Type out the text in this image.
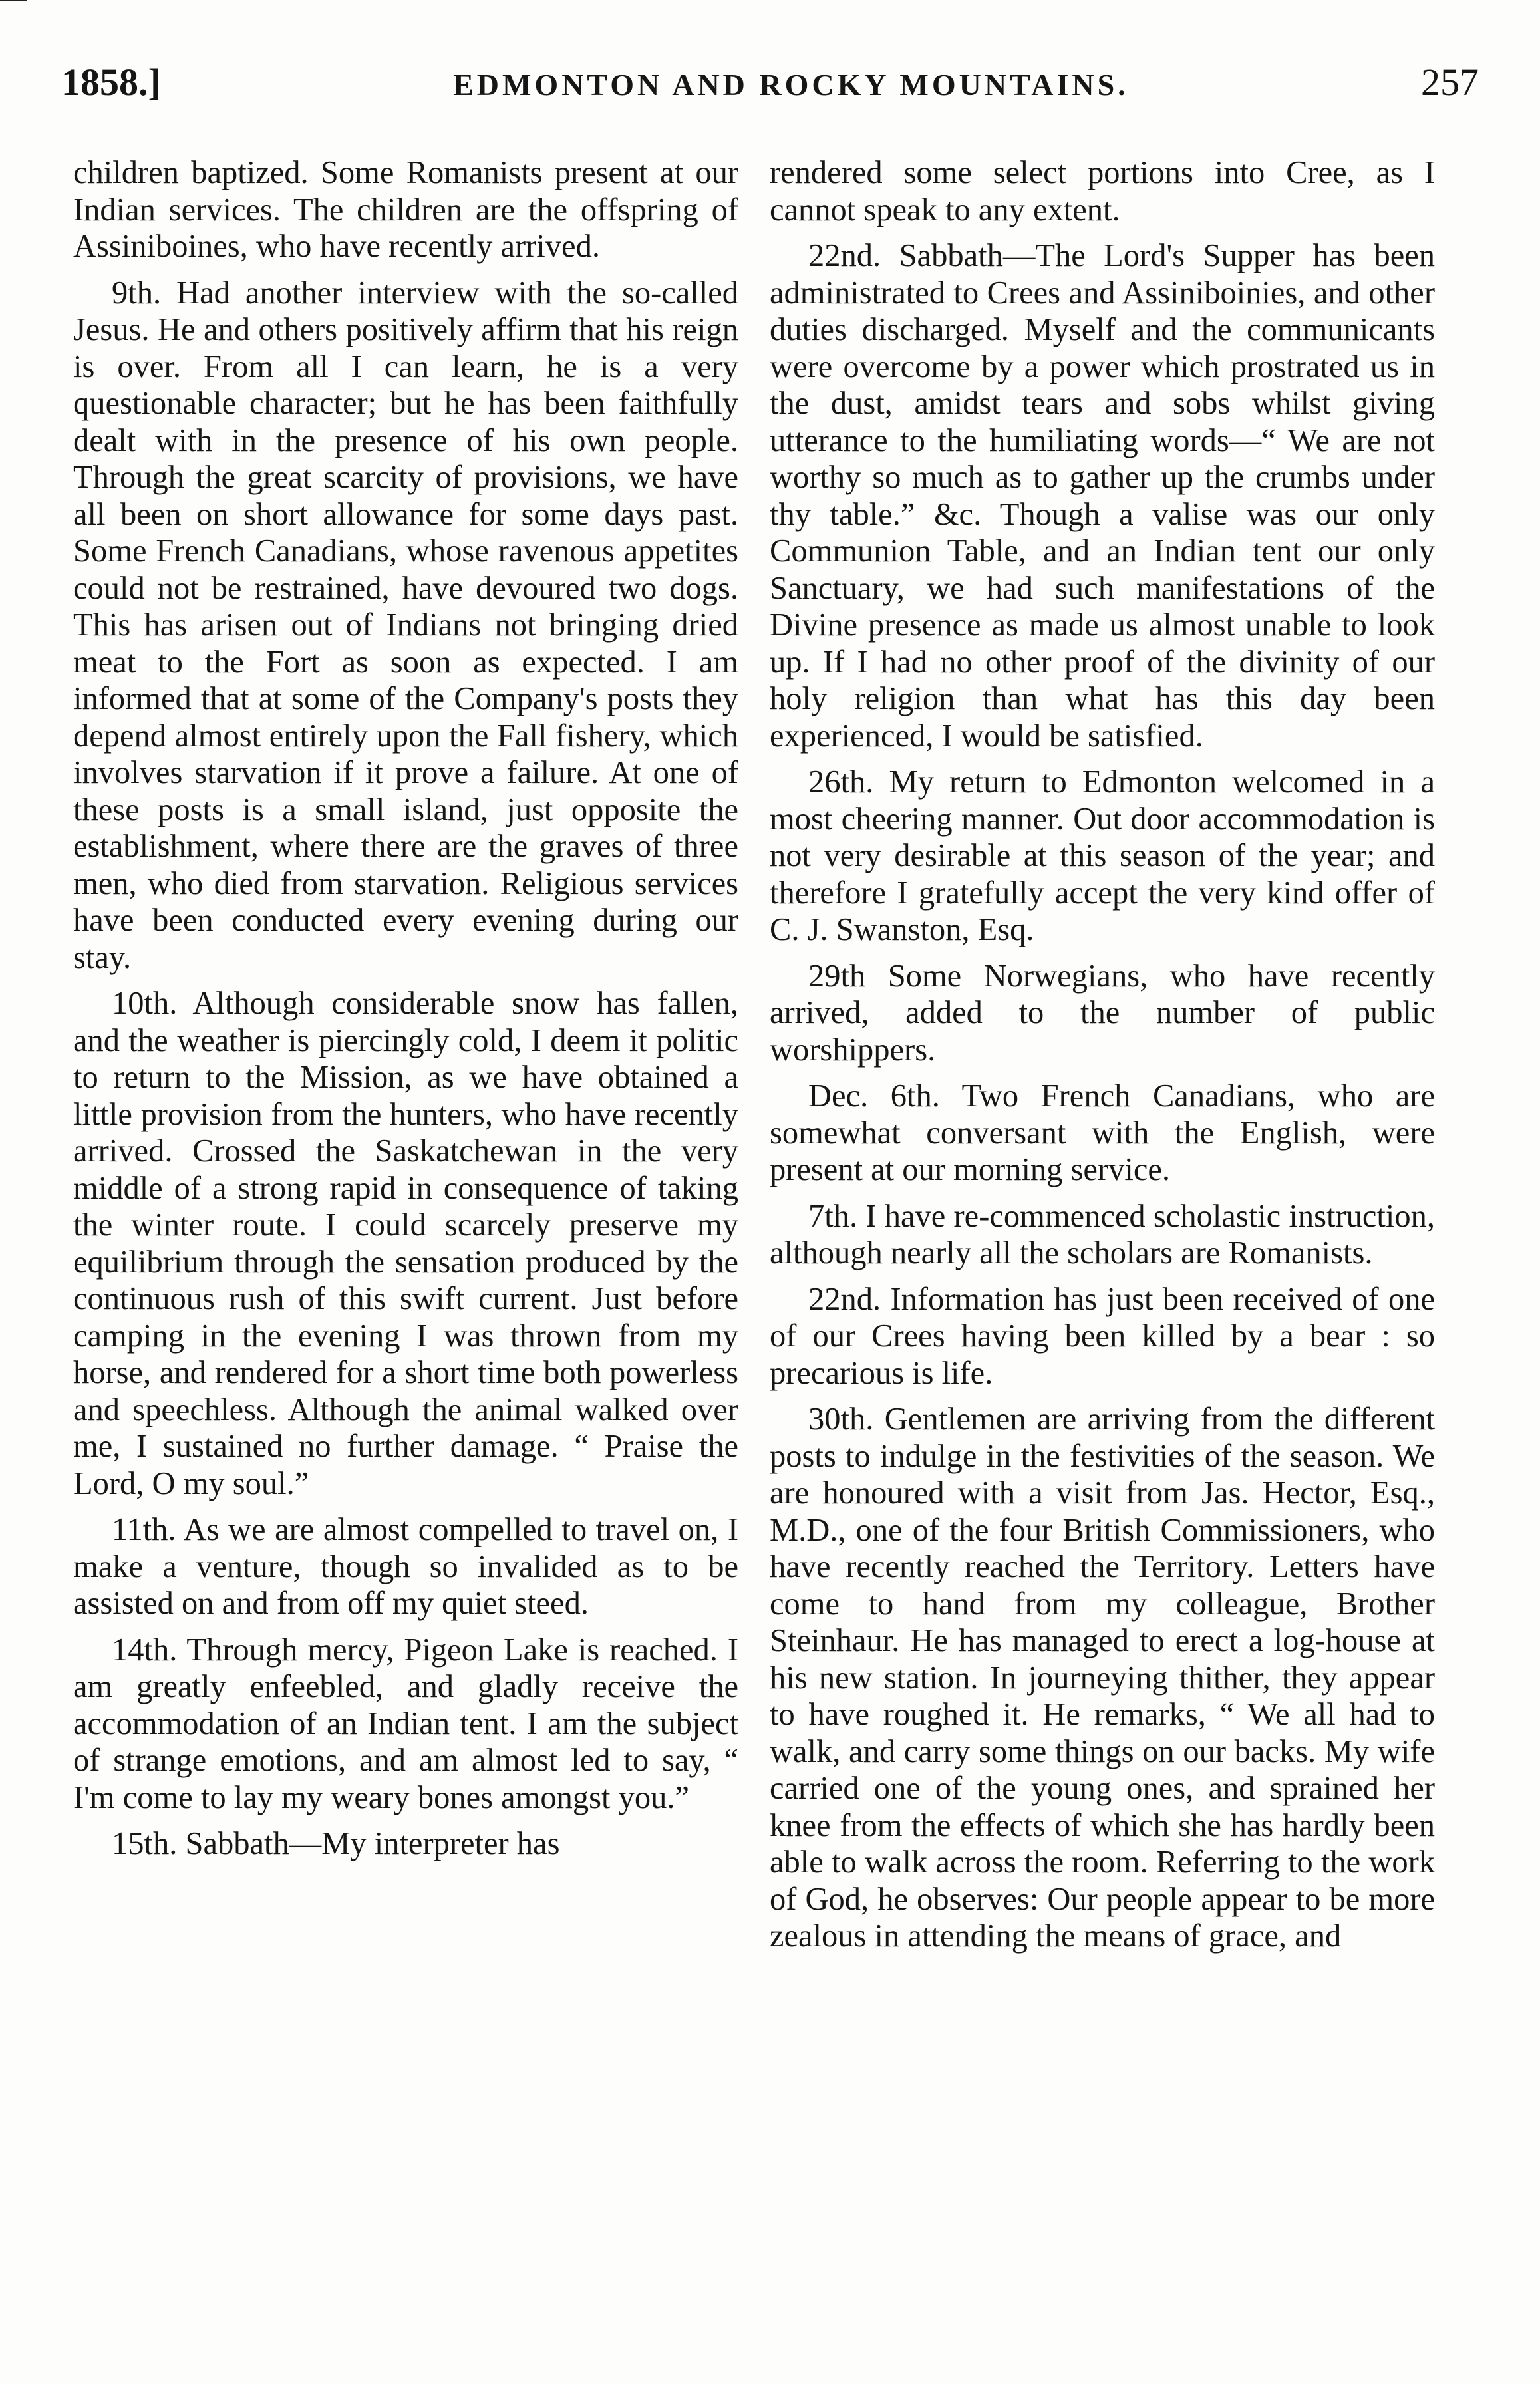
1858.]	EDMONTON AND ROCKY MOUNTAINS.	257

children baptized. Some Romanists present at our Indian services. The children are the offspring of Assiniboines, who have recently arrived.

9th. Had another interview with the so-called Jesus. He and others positively affirm that his reign is over. From all I can learn, he is a very questionable character; but he has been faithfully dealt with in the presence of his own people. Through the great scarcity of provisions, we have all been on short allowance for some days past. Some French Canadians, whose ravenous appetites could not be restrained, have devoured two dogs. This has arisen out of Indians not bringing dried meat to the Fort as soon as expected. I am informed that at some of the Company's posts they depend almost entirely upon the Fall fishery, which involves starvation if it prove a failure. At one of these posts is a small island, just opposite the establishment, where there are the graves of three men, who died from starvation. Religious services have been conducted every evening during our stay.

10th. Although considerable snow has fallen, and the weather is piercingly cold, I deem it politic to return to the Mission, as we have obtained a little provision from the hunters, who have recently arrived. Crossed the Saskatchewan in the very middle of a strong rapid in consequence of taking the winter route. I could scarcely preserve my equilibrium through the sensation produced by the continuous rush of this swift current. Just before camping in the evening I was thrown from my horse, and rendered for a short time both powerless and speechless. Although the animal walked over me, I sustained no further damage. “ Praise the Lord, O my soul.”

11th. As we are almost compelled to travel on, I make a venture, though so invalided as to be assisted on and from off my quiet steed.

14th. Through mercy, Pigeon Lake is reached. I am greatly enfeebled, and gladly receive the accommodation of an Indian tent. I am the subject of strange emotions, and am almost led to say, “ I'm come to lay my weary bones amongst you.”

15th. Sabbath—My interpreter has

rendered some select portions into Cree, as I cannot speak to any extent.

22nd. Sabbath—The Lord's Supper has been administrated to Crees and Assiniboinies, and other duties discharged. Myself and the communicants were overcome by a power which prostrated us in the dust, amidst tears and sobs whilst giving utterance to the humiliating words—“ We are not worthy so much as to gather up the crumbs under thy table.” &c. Though a valise was our only Communion Table, and an Indian tent our only Sanctuary, we had such manifestations of the Divine presence as made us almost unable to look up. If I had no other proof of the divinity of our holy religion than what has this day been experienced, I would be satisfied.

26th. My return to Edmonton welcomed in a most cheering manner. Out door accommodation is not very desirable at this season of the year; and therefore I gratefully accept the very kind offer of C. J. Swanston, Esq.

29th Some Norwegians, who have recently arrived, added to the number of public worshippers.

Dec. 6th. Two French Canadians, who are somewhat conversant with the English, were present at our morning service.

7th. I have re-commenced scholastic instruction, although nearly all the scholars are Romanists.

22nd. Information has just been received of one of our Crees having been killed by a bear : so precarious is life.

30th. Gentlemen are arriving from the different posts to indulge in the festivities of the season. We are honoured with a visit from Jas. Hector, Esq., M.D., one of the four British Commissioners, who have recently reached the Territory. Letters have come to hand from my colleague, Brother Steinhaur. He has managed to erect a log-house at his new station. In journeying thither, they appear to have roughed it. He remarks, “ We all had to walk, and carry some things on our backs. My wife carried one of the young ones, and sprained her knee from the effects of which she has hardly been able to walk across the room. Referring to the work of God, he observes: Our people appear to be more zealous in attending the means of grace, and
